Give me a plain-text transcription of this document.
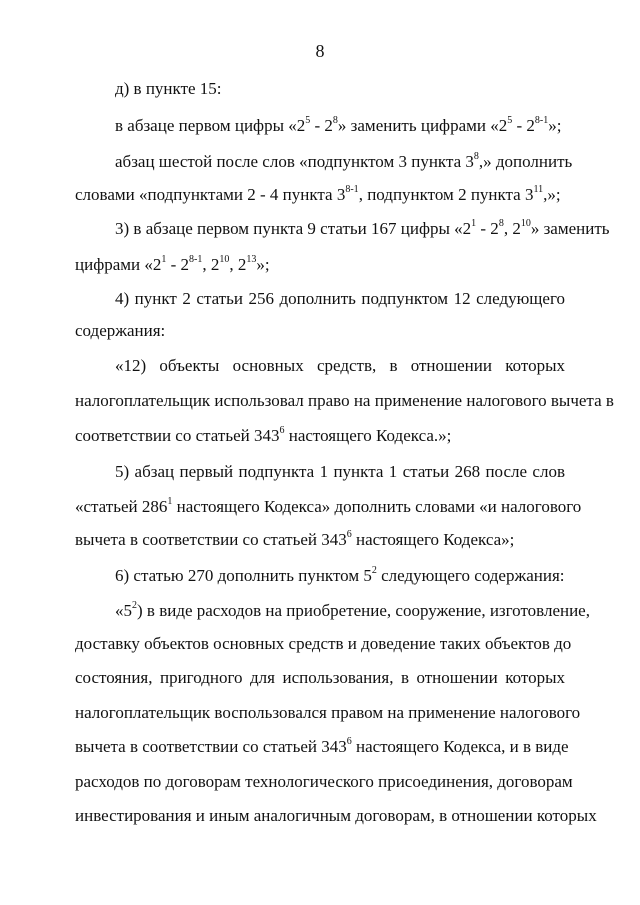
8
д) в пункте 15:
в абзаце первом цифры «$2^5 - 2^8$» заменить цифрами «$2^5 - 2^{8-1}$»;
абзац шестой после слов «подпунктом 3 пункта $3^8$,» дополнить
словами «подпунктами 2 - 4 пункта 3$^{8-1}$, подпунктом 2 пункта $3^{11}$,»;
3) в абзаце первом пункта 9 статьи 167 цифры «$2^1 - 2^8$, $2^{10}$» заменить
цифрами «$2^1 - 2^{8-1}$, $2^{10}$, $2^{13}$»;
4) пункт 2 статьи 256 дополнить подпунктом 12 следующего
содержания:
«12) объекты основных средств, в отношении которых
налогоплательщик использовал право на применение налогового вычета в
соответствии со статьей $343^6$ настоящего Кодекса.»;
5) абзац первый подпункта 1 пункта 1 статьи 268 после слов
«статьей $286^1$ настоящего Кодекса» дополнить словами «и налогового
вычета в соответствии со статьей $343^6$ настоящего Кодекса»;
6) статью 270 дополнить пунктом $5^2$ следующего содержания:
«$5^2$) в виде расходов на приобретение, сооружение, изготовление,
доставку объектов основных средств и доведение таких объектов до
состояния, пригодного для использования, в отношении которых
налогоплательщик воспользовался правом на применение налогового
вычета в соответствии со статьей $343^6$ настоящего Кодекса, и в виде
расходов по договорам технологического присоединения, договорам
инвестирования и иным аналогичным договорам, в отношении которых
